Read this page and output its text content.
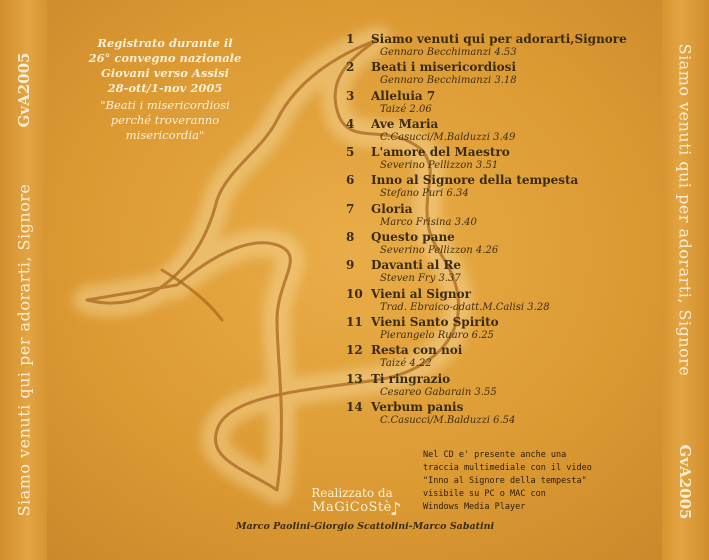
Siamo venuti qui per adorarti, Signore
GvA2005	Siamo venuti qui per adorarti, Signore
GvA2005
Registrato durante il
26° convegno nazionale
Giovani verso Assisi
28-ott/1-nov 2005
"Beati i misericordiosi
perché troveranno
misericordia"
1	Siamo venuti qui per adorarti,Signore
Gennaro Becchimanzi 4.53
2	Beati i misericordiosi
Gennaro Becchimanzi 3.18
3	Alleluia 7
Taizé 2.06
4	Ave Maria
C.Casucci/M.Balduzzi 3.49
5	L'amore del Maestro
Severino Pellizzon 3.51
6	Inno al Signore della tempesta
Stefano Puri 6.34
7	Gloria
Marco Frisina 3.40
8	Questo pane
Severino Pellizzon 4.26
9	Davanti al Re
Steven Fry 3.37
10 Vieni al Signor
Trad. Ebraico-adatt.M.Calisi 3.28
11 Vieni Santo Spirito
Pierangelo Ruaro 6.25
12 Resta con noi
Taizé 4.22
13 Ti ringrazio
Cesareo Gabarain 3.55
14 Verbum panis
C.Casucci/M.Balduzzi 6.54
Nel CD e' presente anche una
traccia multimediale con il video
"Inno al Signore della tempesta"
visibile su PC o MAC con
Windows Media Player
Realizzato da
MaGiCoStè
♪
Marco Paolini-Giorgio Scattolini-Marco Sabatini
